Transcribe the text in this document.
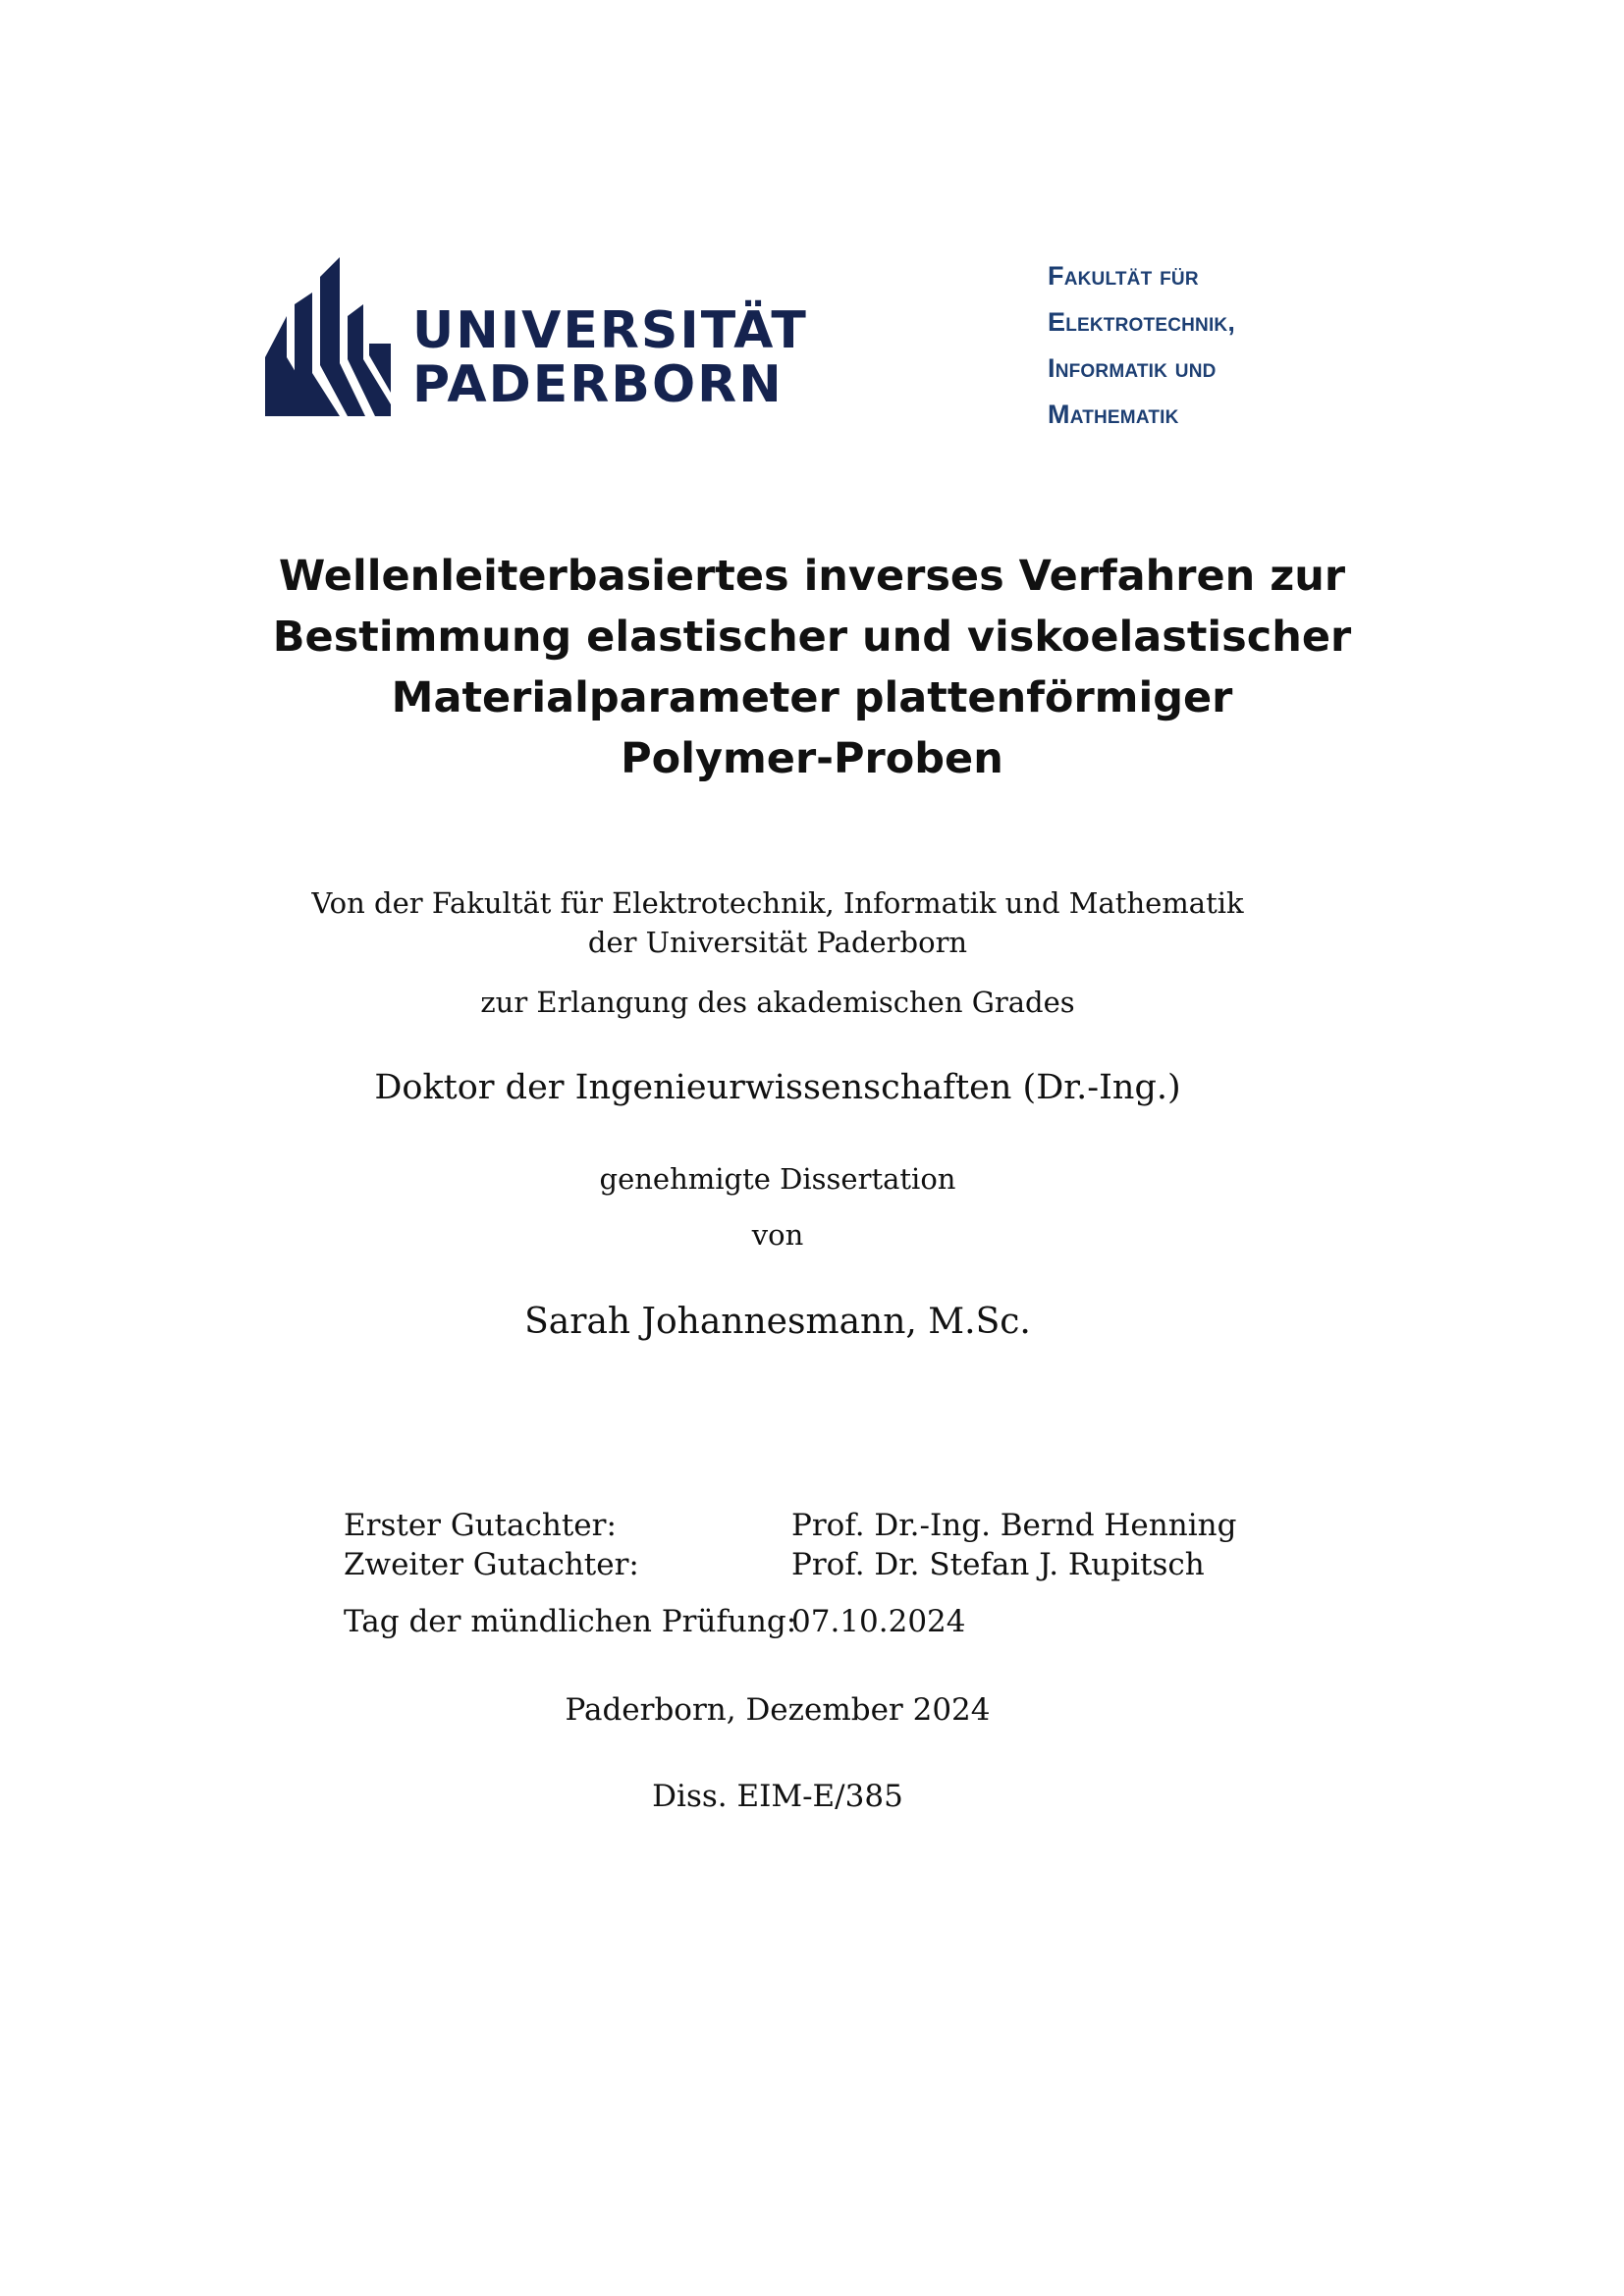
UNIVERSITÄT
PADERBORN
Fakultät für
Elektrotechnik,
Informatik und
Mathematik
Wellenleiterbasiertes inverses Verfahren zur
Bestimmung elastischer und viskoelastischer
Materialparameter plattenförmiger
Polymer-Proben
Von der Fakultät für Elektrotechnik, Informatik und Mathematik
der Universität Paderborn
zur Erlangung des akademischen Grades
Doktor der Ingenieurwissenschaften (Dr.-Ing.)
genehmigte Dissertation
von
Sarah Johannesmann, M.Sc.
Erster Gutachter:	Prof. Dr.-Ing. Bernd Henning
Zweiter Gutachter:	Prof. Dr. Stefan J. Rupitsch
Tag der mündlichen Prüfung:
07.10.2024
Paderborn, Dezember 2024
Diss. EIM-E/385
